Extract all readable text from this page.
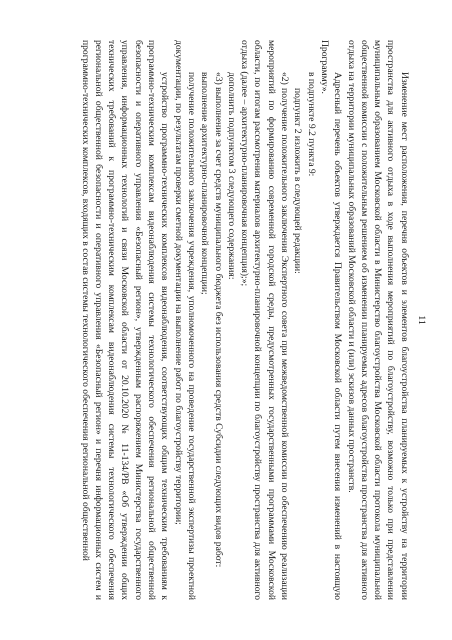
11

Изменение мест расположения, перечня объектов и элементов благоустройства планируемых к устройству на территории пространства для активного отдыха в ходе выполнения мероприятий по благоустройству, возможно только при представлении муниципальным образованием Московской области в Министерство благоустройства Московской области протокола муниципальной общественной комиссии с положительным решением об изменении планируемых адресов благоустройства пространства для активного отдыха на территории муниципальных образований Московской области и (или) эскизов данных пространств.

Адресный перечень объектов утверждается Правительством Московской области путем внесения изменений в настоящую Программу».

в подпункте 9.2 пункта 9:

подпункт 2 изложить в следующей редакции:

«2) получение положительного заключения Экспертного совета при межведомственной комиссии по обеспечению реализации мероприятий по формированию современной городской среды, предусмотренных государственными программами Московской области, по итогам рассмотрения материалов архитектурно-планировочной концепции по благоустройству пространства для активного отдыха (далее – архитектурно-планировочная концепция);»;

дополнить подпунктом 3 следующего содержания:

«3) выполнение за счет средств муниципального бюджета без использования средств Субсидии следующих видов работ:

выполнение архитектурно-планировочной концепции;

получение положительного заключения учреждения, уполномоченного на проведение государственной экспертизы проектной документации, по результатам проверки сметной документации на выполнение работ по благоустройству территории;

устройство программно-технических комплексов видеонаблюдения, соответствующих общим техническим требованиям к программно-техническим комплексам видеонаблюдения системы технологического обеспечения региональной общественной безопасности и оперативного управления «Безопасный регион», утвержденным распоряжением Министерства государственного управления, информационных технологий и связи Московской области от 20.10.2020 № 11-134/РВ «Об утверждении общих технических требований к программно-техническим комплексам видеонаблюдения системы технологического обеспечения региональной общественной безопасности и оперативного управления «Безопасный регион» и перечня информационных систем и программно-технических комплексов, входящих в состав системы технологического обеспечения региональной общественной
